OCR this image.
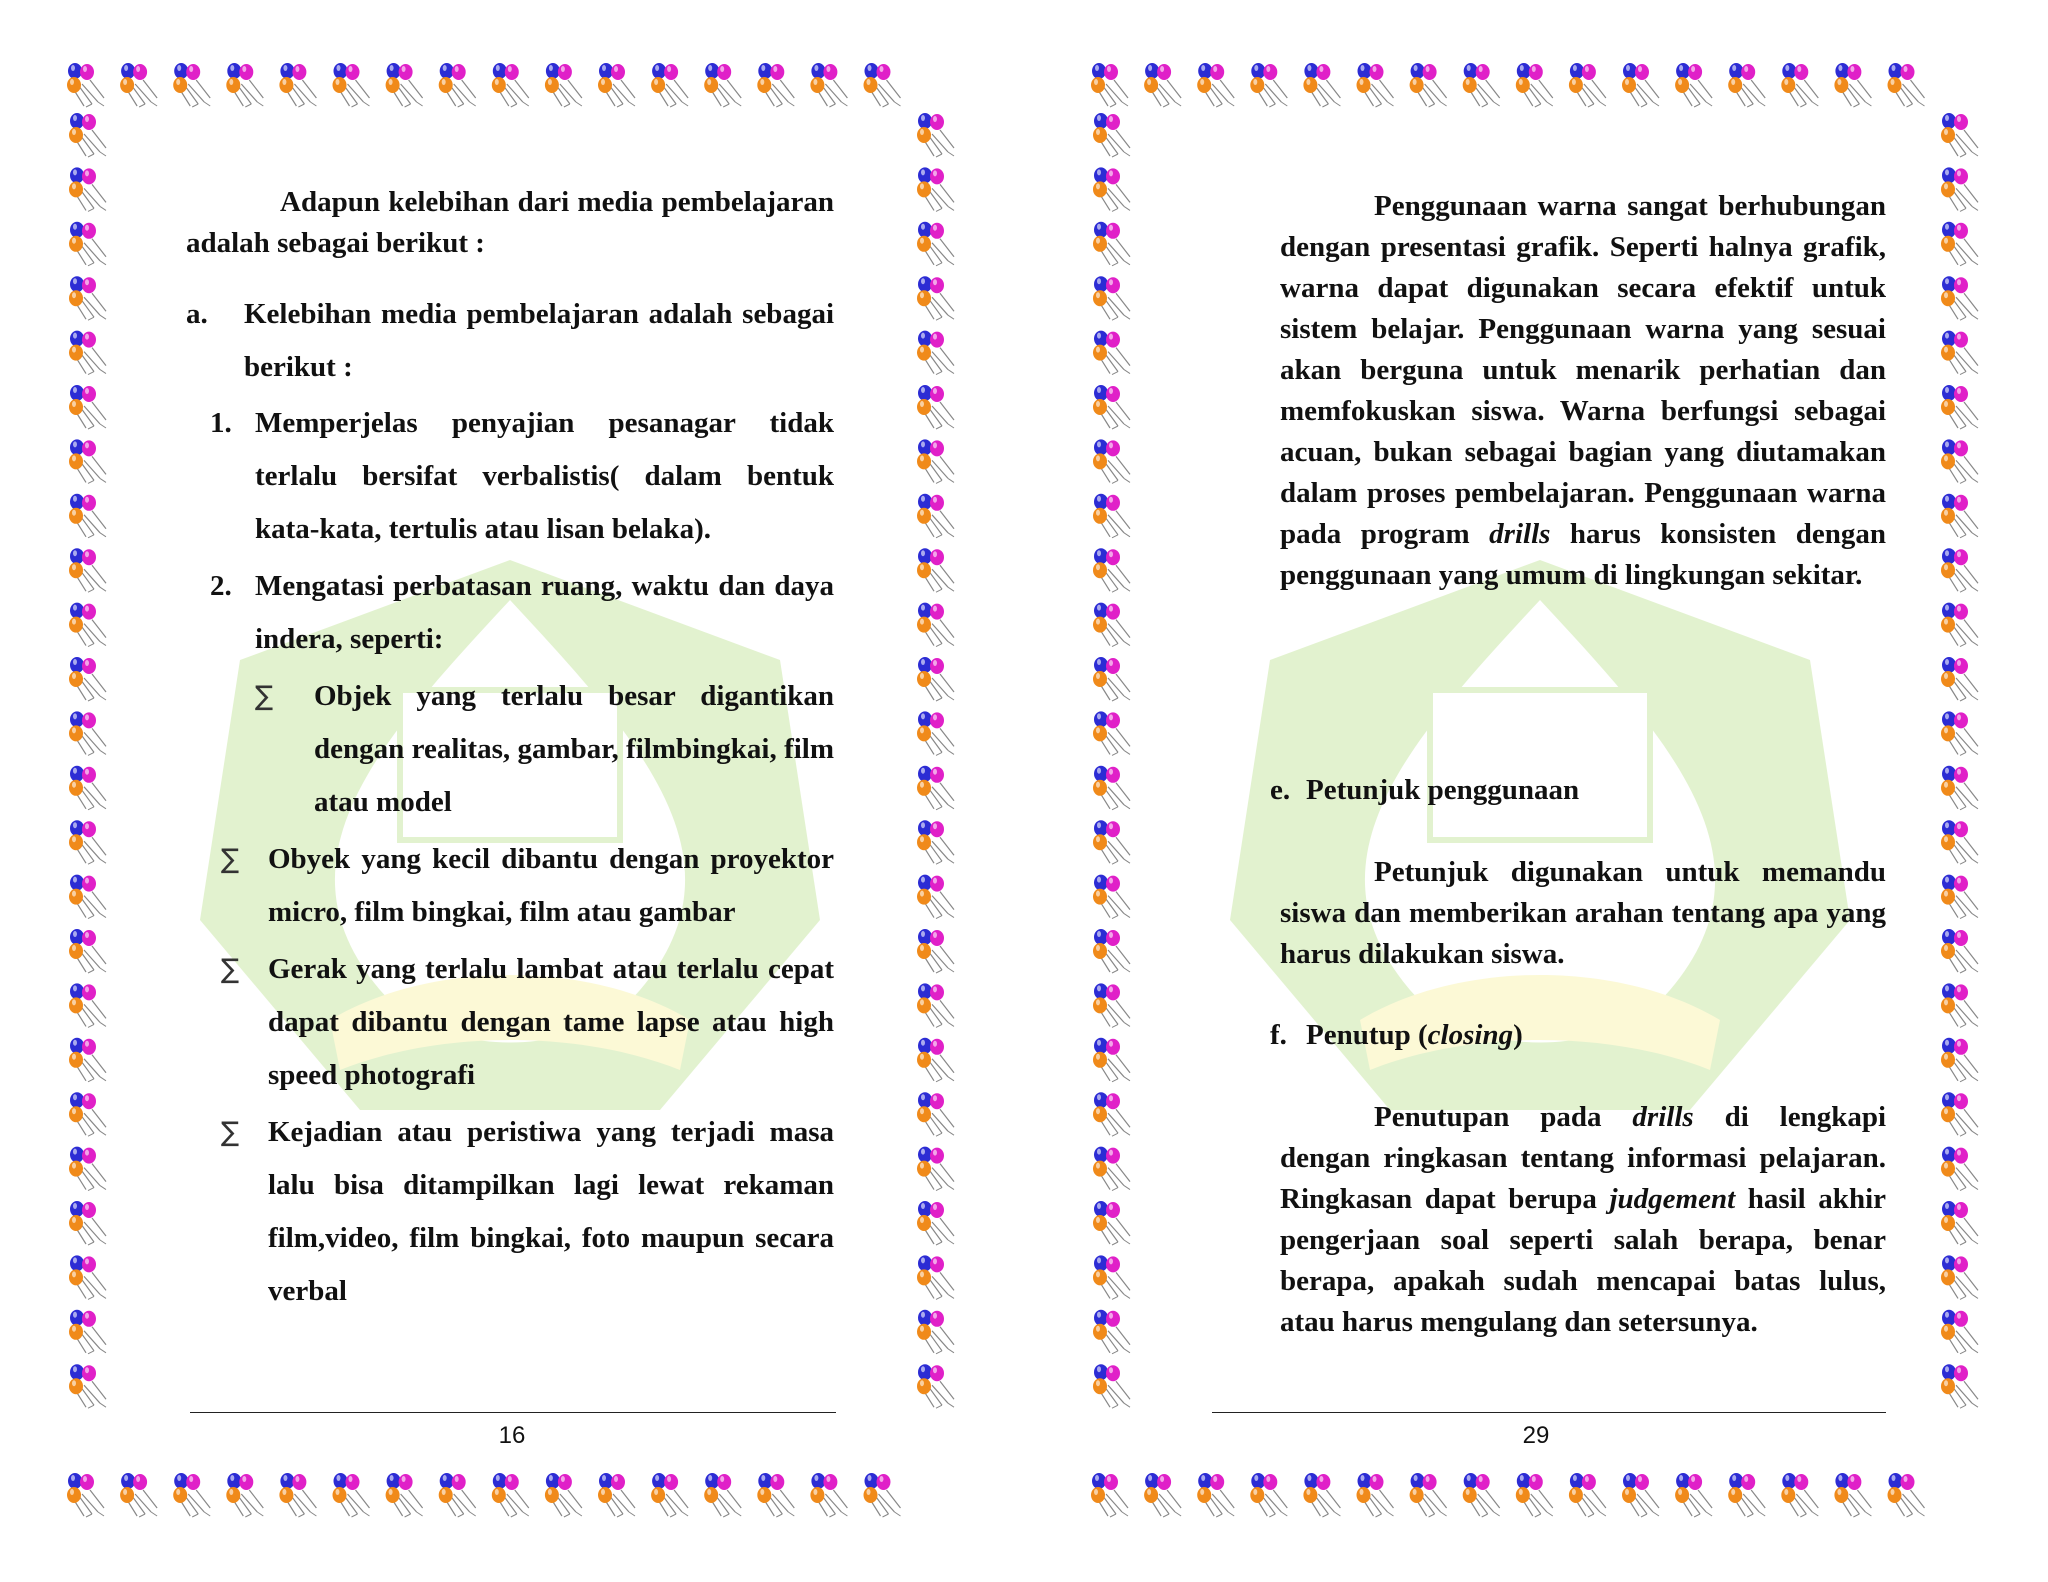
Adapun kelebihan dari media pembelajaran adalah sebagai berikut :

a.	Kelebihan media pembelajaran adalah sebagai berikut :
1. Memperjelas penyajian pesanagar tidak terlalu bersifat verbalistis( dalam bentuk kata-kata, tertulis atau lisan belaka).
2. Mengatasi perbatasan ruang, waktu dan daya indera, seperti:
∑	Objek yang terlalu besar digantikan dengan realitas, gambar, filmbingkai, film atau model
∑ Obyek yang kecil dibantu dengan proyektor micro, film bingkai, film atau gambar
∑ Gerak yang terlalu lambat atau terlalu cepat dapat dibantu dengan tame lapse atau high speed photografi
∑ Kejadian atau peristiwa yang terjadi masa lalu bisa ditampilkan lagi lewat rekaman film,video, film bingkai, foto maupun secara verbal
16

Penggunaan warna sangat berhubungan dengan presentasi grafik. Seperti halnya grafik, warna dapat digunakan secara efektif untuk sistem belajar. Penggunaan warna yang sesuai akan berguna untuk menarik perhatian dan memfokuskan siswa. Warna berfungsi sebagai acuan, bukan sebagai bagian yang diutamakan dalam proses pembelajaran. Penggunaan warna pada program drills harus konsisten dengan penggunaan yang umum di lingkungan sekitar.

e. Petunjuk penggunaan

Petunjuk digunakan untuk memandu siswa dan memberikan arahan tentang apa yang harus dilakukan siswa.

f. Penutup (closing)

Penutupan pada drills di lengkapi dengan ringkasan tentang informasi pelajaran. Ringkasan dapat berupa judgement hasil akhir pengerjaan soal seperti salah berapa, benar berapa, apakah sudah mencapai batas lulus, atau harus mengulang dan setersunya.

29
